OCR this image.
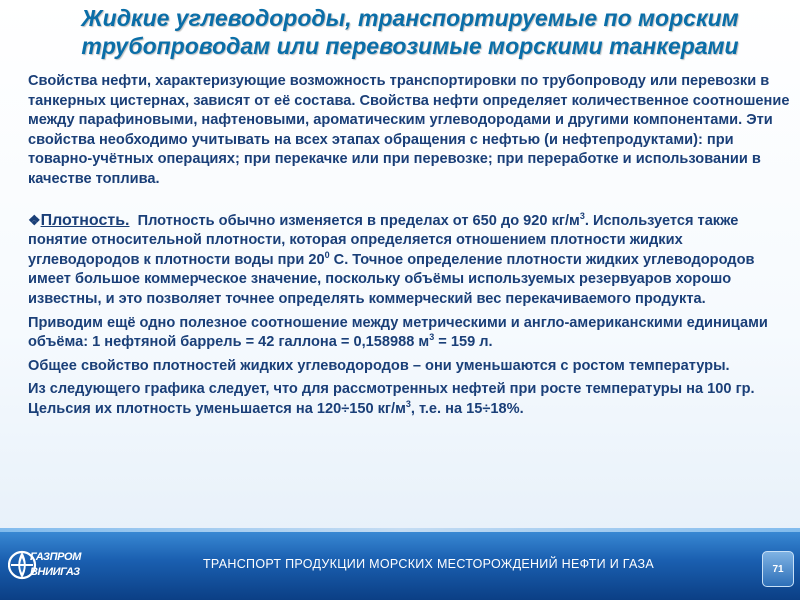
Жидкие углеводороды, транспортируемые по морским
трубопроводам или перевозимые морскими танкерами

Свойства нефти, характеризующие возможность транспортировки по трубопроводу или перевозки в танкерных цистернах, зависят от её состава. Свойства нефти определяет количественное соотношение между парафиновыми, нафтеновыми, ароматическим углеводородами и другими компонентами. Эти свойства необходимо учитывать на всех этапах обращения с нефтью (и нефтепродуктами): при товарно-учётных операциях; при перекачке или при перевозке; при переработке и использовании в качестве топлива.

❖Плотность. Плотность обычно изменяется в пределах от 650 до 920 $кг/м^3$. Используется также понятие относительной плотности, которая определяется отношением плотности жидких углеводородов к плотности воды при $20^0$ С. Точное определение плотности жидких углеводородов имеет большое коммерческое значение, поскольку объёмы используемых резервуаров хорошо известны, и это позволяет точнее определять коммерческий вес перекачиваемого продукта.

Приводим ещё одно полезное соотношение между метрическими и англо-американскими единицами объёма: 1 нефтяной баррель = 42 галлона = 0,158988 $м^3 = 159$ л.

Общее свойство плотностей жидких углеводородов – они уменьшаются с ростом температуры.

Из следующего графика следует, что для рассмотренных нефтей при росте температуры на 100 гр. Цельсия их плотность уменьшается на 120÷150 $кг/м^3$, т.е. на 15÷18%.

ТРАНСПОРТ ПРОДУКЦИИ МОРСКИХ МЕСТОРОЖДЕНИЙ НЕФТИ И ГАЗА
ГАЗПРОМ
ВНИИГАЗ	71
